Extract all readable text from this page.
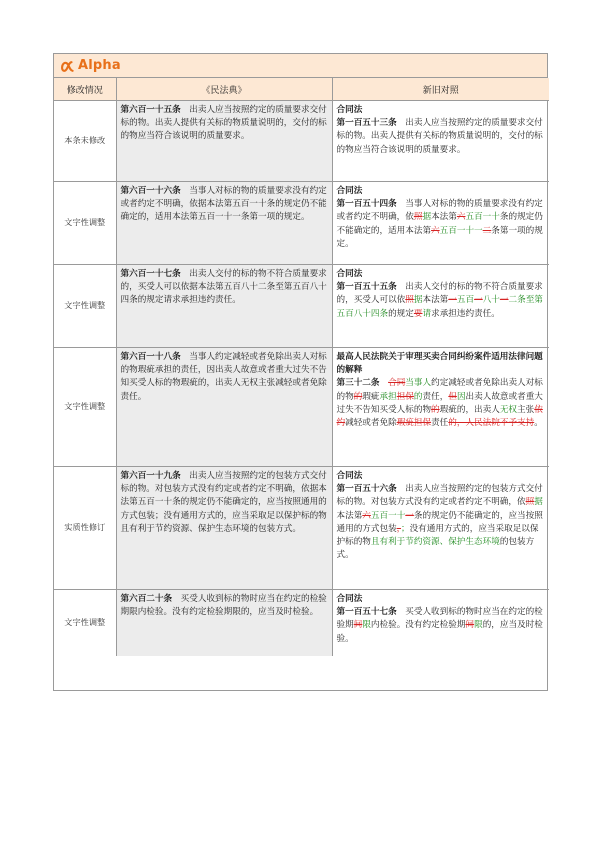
Alpha
修改情况	《民法典》	新旧对照
本条未修改	第六百一十五条　出卖人应当按照约定的质量要求交付标的物。出卖人提供有关标的物质量说明的，交付的标的物应当符合该说明的质量要求。	合同法
第一百五十三条　出卖人应当按照约定的质量要求交付标的物。出卖人提供有关标的物质量说明的，交付的标的物应当符合该说明的质量要求。
文字性调整	第六百一十六条　当事人对标的物的质量要求没有约定或者约定不明确，依据本法第五百一十条的规定仍不能确定的，适用本法第五百一十一条第一项的规定。	合同法
第一百五十四条　当事人对标的物的质量要求没有约定或者约定不明确，依照据本法第六五百一十条的规定仍不能确定的，适用本法第六五百一十一二条第一项的规定。
文字性调整	第六百一十七条　出卖人交付的标的物不符合质量要求的，买受人可以依据本法第五百八十二条至第五百八十四条的规定请求承担违约责任。	合同法
第一百五十五条　出卖人交付的标的物不符合质量要求的，买受人可以依照据本法第一五百一八十一二条至第五百八十四条的规定要请求承担违约责任。
文字性调整	第六百一十八条　当事人约定减轻或者免除出卖人对标的物瑕疵承担的责任，因出卖人故意或者重大过失不告知买受人标的物瑕疵的，出卖人无权主张减轻或者免除责任。	最高人民法院关于审理买卖合同纠纷案件适用法律问题的解释
第三十二条　 合同当事人约定减轻或者免除出卖人对标的物的瑕疵承担担保的责任，但因出卖人故意或者重大过失不告知买受人标的物的瑕疵的，出卖人无权主张依约减轻或者免除瑕疵担保责任的，人民法院不予支持。
实质性修订	第六百一十九条　出卖人应当按照约定的包装方式交付标的物。对包装方式没有约定或者约定不明确，依据本法第五百一十条的规定仍不能确定的，应当按照通用的方式包装；没有通用方式的，应当采取足以保护标的物且有利于节约资源、保护生态环境的包装方式。	合同法
第一百五十六条　出卖人应当按照约定的包装方式交付标的物。对包装方式没有约定或者约定不明确，依照据本法第六五百一十一条的规定仍不能确定的，应当按照通用的方式包装，；没有通用方式的，应当采取足以保护标的物且有利于节约资源、保护生态环境的包装方式。
文字性调整	第六百二十条　买受人收到标的物时应当在约定的检验期限内检验。没有约定检验期限的，应当及时检验。	合同法
第一百五十七条　买受人收到标的物时应当在约定的检验期间限内检验。没有约定检验期间限的，应当及时检验。
